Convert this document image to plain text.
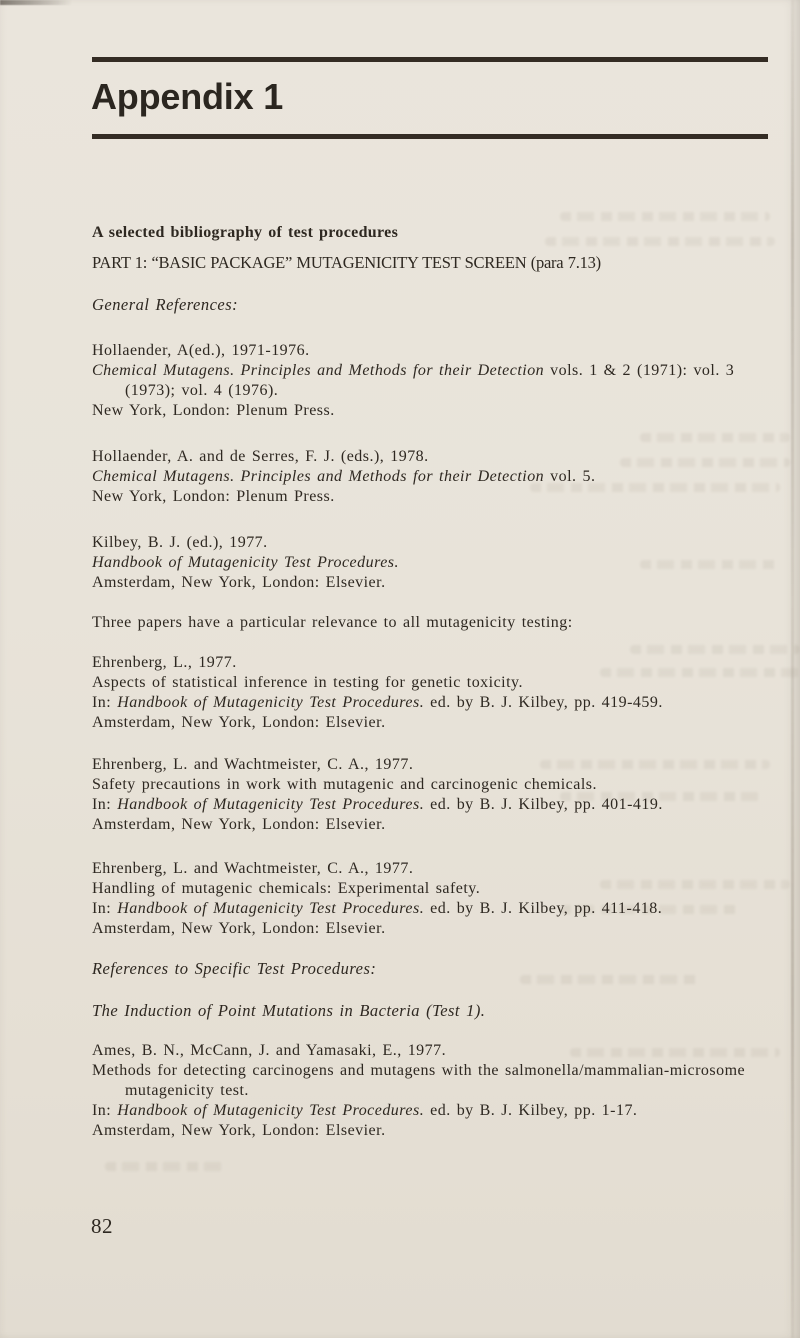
Appendix 1
A selected bibliography of test procedures
PART 1: “BASIC PACKAGE” MUTAGENICITY TEST SCREEN (para 7.13)
General References:
Hollaender, A(ed.), 1971-1976.
Chemical Mutagens. Principles and Methods for their Detection vols. 1 & 2 (1971): vol. 3
(1973); vol. 4 (1976).
New York, London: Plenum Press.
Hollaender, A. and de Serres, F. J. (eds.), 1978.
Chemical Mutagens. Principles and Methods for their Detection vol. 5.
New York, London: Plenum Press.
Kilbey, B. J. (ed.), 1977.
Handbook of Mutagenicity Test Procedures.
Amsterdam, New York, London: Elsevier.
Three papers have a particular relevance to all mutagenicity testing:
Ehrenberg, L., 1977.
Aspects of statistical inference in testing for genetic toxicity.
In: Handbook of Mutagenicity Test Procedures. ed. by B. J. Kilbey, pp. 419-459.
Amsterdam, New York, London: Elsevier.
Ehrenberg, L. and Wachtmeister, C. A., 1977.
Safety precautions in work with mutagenic and carcinogenic chemicals.
In: Handbook of Mutagenicity Test Procedures. ed. by B. J. Kilbey, pp. 401-419.
Amsterdam, New York, London: Elsevier.
Ehrenberg, L. and Wachtmeister, C. A., 1977.
Handling of mutagenic chemicals: Experimental safety.
In: Handbook of Mutagenicity Test Procedures. ed. by B. J. Kilbey, pp. 411-418.
Amsterdam, New York, London: Elsevier.
References to Specific Test Procedures:
The Induction of Point Mutations in Bacteria (Test 1).
Ames, B. N., McCann, J. and Yamasaki, E., 1977.
Methods for detecting carcinogens and mutagens with the salmonella/mammalian-microsome
mutagenicity test.
In: Handbook of Mutagenicity Test Procedures. ed. by B. J. Kilbey, pp. 1-17.
Amsterdam, New York, London: Elsevier.
82
